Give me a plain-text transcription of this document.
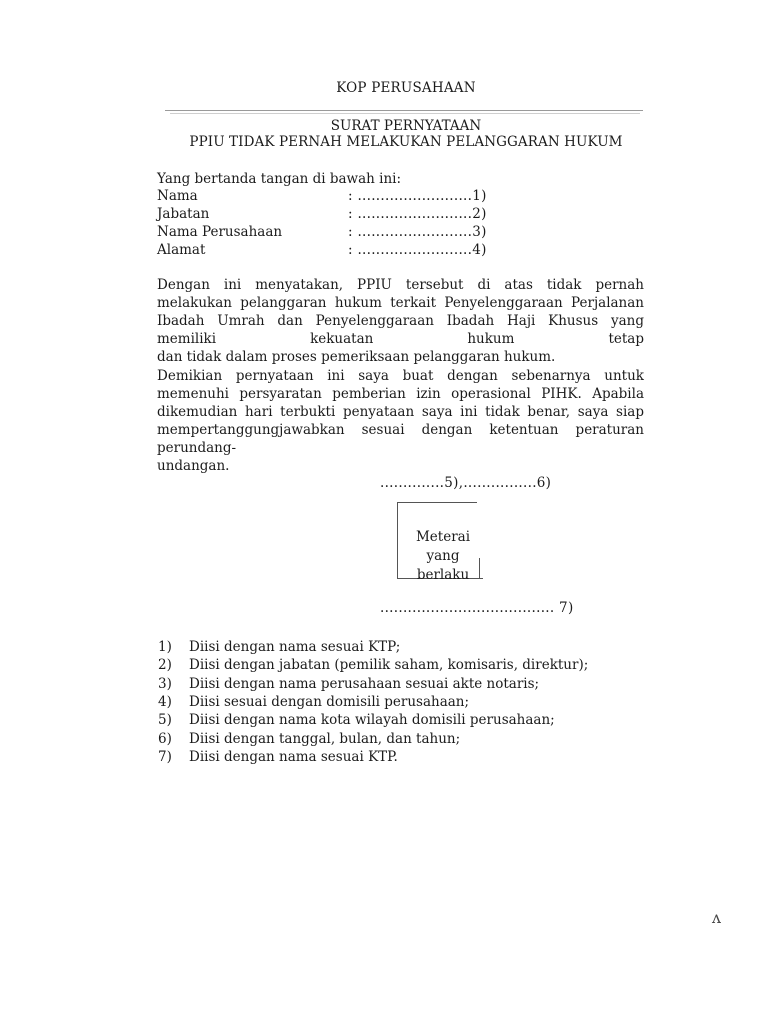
KOP PERUSAHAAN
SURAT PERNYATAAN
PPIU TIDAK PERNAH MELAKUKAN PELANGGARAN HUKUM
Yang bertanda tangan di bawah ini:
Nama	: .........................1)
Jabatan	: .........................2)
Nama Perusahaan	: .........................3)
Alamat	: .........................4)
Dengan ini menyatakan, PPIU tersebut di atas tidak pernah melakukan pelanggaran hukum terkait Penyelenggaraan Perjalanan Ibadah Umrah dan Penyelenggaraan Ibadah Haji Khusus yang memiliki kekuatan hukum tetap
dan tidak dalam proses pemeriksaan pelanggaran hukum.
Demikian pernyataan ini saya buat dengan sebenarnya untuk memenuhi persyaratan pemberian izin operasional PIHK. Apabila dikemudian hari terbukti penyataan saya ini tidak benar, saya siap mempertanggungjawabkan sesuai dengan ketentuan peraturan perundang-
undangan.
..............5),................6)
Meterai yang
berlaku
...................................... 7)
1) Diisi dengan nama sesuai KTP;
2) Diisi dengan jabatan (pemilik saham, komisaris, direktur);
3) Diisi dengan nama perusahaan sesuai akte notaris;
4) Diisi sesuai dengan domisili perusahaan;
5) Diisi dengan nama kota wilayah domisili perusahaan;
6) Diisi dengan tanggal, bulan, dan tahun;
7) Diisi dengan nama sesuai KTP.
ʌ
